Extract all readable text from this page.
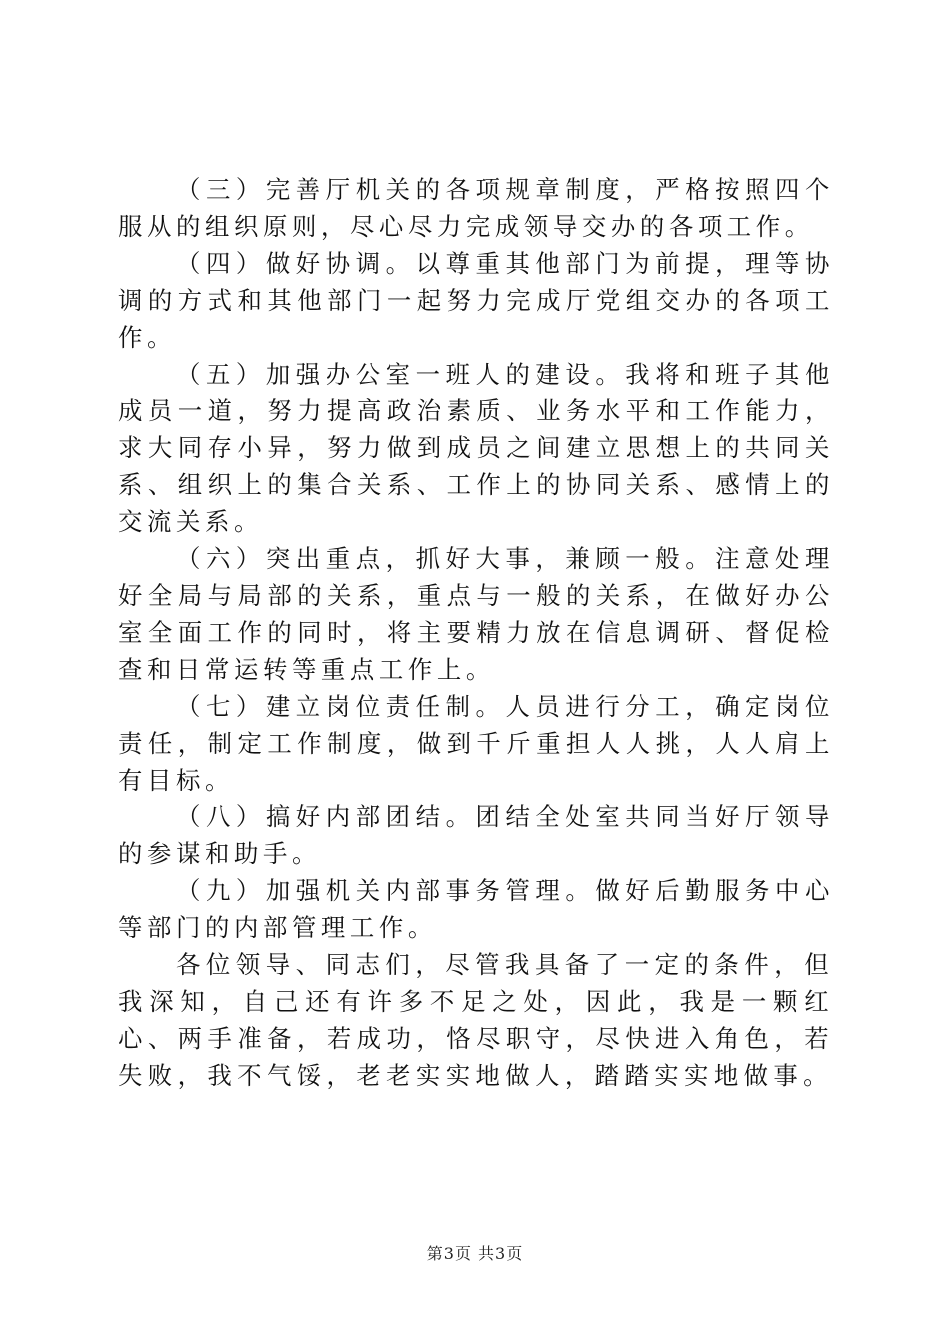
（三）完善厅机关的各项规章制度，严格按照四个服从的组织原则，尽心尽力完成领导交办的各项工作。

（四）做好协调。以尊重其他部门为前提，理等协调的方式和其他部门一起努力完成厅党组交办的各项工作。

（五）加强办公室一班人的建设。我将和班子其他成员一道，努力提高政治素质、业务水平和工作能力，求大同存小异，努力做到成员之间建立思想上的共同关系、组织上的集合关系、工作上的协同关系、感情上的交流关系。

（六）突出重点，抓好大事，兼顾一般。注意处理好全局与局部的关系，重点与一般的关系，在做好办公室全面工作的同时，将主要精力放在信息调研、督促检查和日常运转等重点工作上。

（七）建立岗位责任制。人员进行分工，确定岗位责任，制定工作制度，做到千斤重担人人挑，人人肩上有目标。

（八）搞好内部团结。团结全处室共同当好厅领导的参谋和助手。

（九）加强机关内部事务管理。做好后勤服务中心等部门的内部管理工作。

各位领导、同志们，尽管我具备了一定的条件，但我深知，自己还有许多不足之处，因此，我是一颗红心、两手准备，若成功，恪尽职守，尽快进入角色，若失败，我不气馁，老老实实地做人，踏踏实实地做事。

第3页 共3页
